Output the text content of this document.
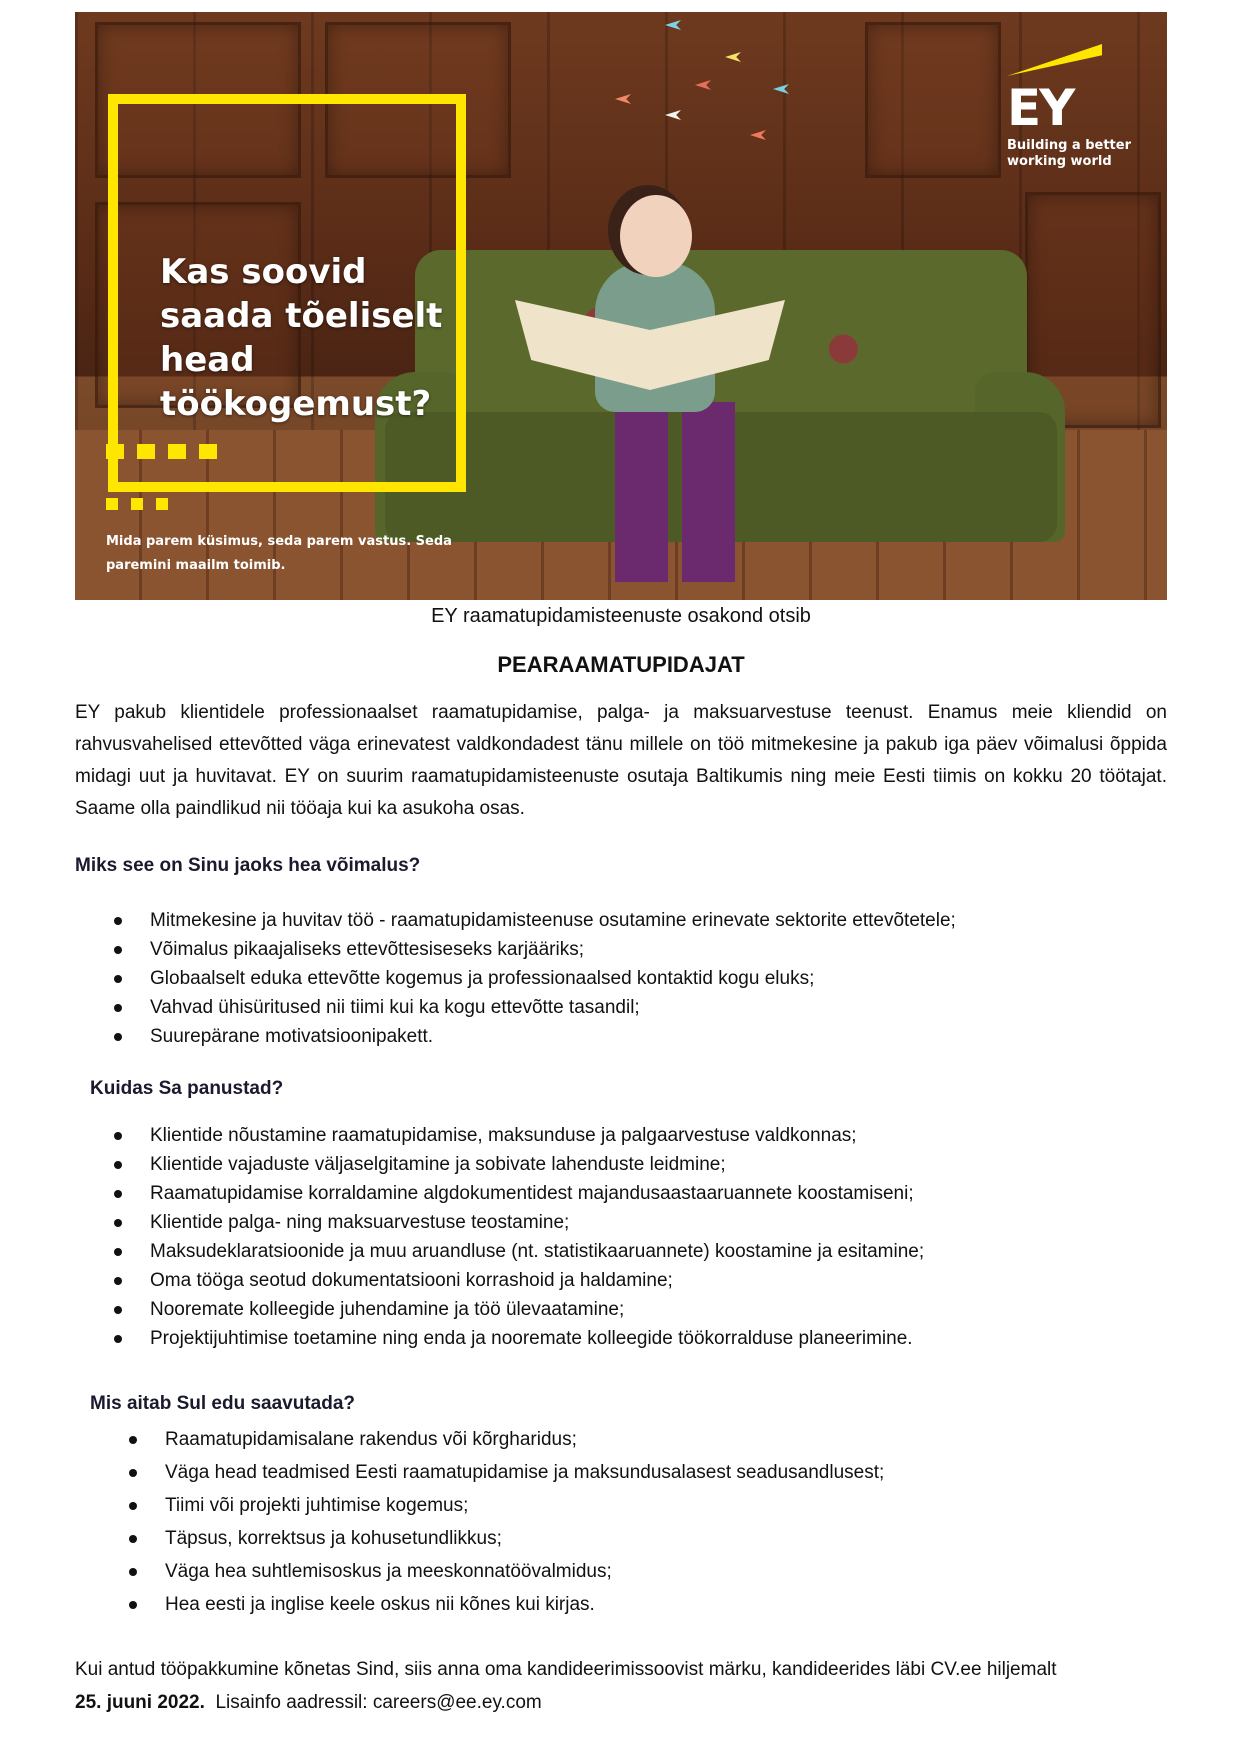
Kas soovid saada tõeliselt head töökogemust?
Mida parem küsimus, seda parem vastus. Seda paremini maailm toimib.
EY
Building a better working world
EY raamatupidamisteenuste osakond otsib
PEARAAMATUPIDAJAT
EY pakub klientidele professionaalset raamatupidamise, palga- ja maksuarvestuse teenust. Enamus meie kliendid on rahvusvahelised ettevõtted väga erinevatest valdkondadest tänu millele on töö mitmekesine ja pakub iga päev võimalusi õppida midagi uut ja huvitavat. EY on suurim raamatupidamisteenuste osutaja Baltikumis ning meie Eesti tiimis on kokku 20 töötajat. Saame olla paindlikud nii tööaja kui ka asukoha osas.
Miks see on Sinu jaoks hea võimalus?
Mitmekesine ja huvitav töö - raamatupidamisteenuse osutamine erinevate sektorite ettevõtetele;
Võimalus pikaajaliseks ettevõttesiseseks karjääriks;
Globaalselt eduka ettevõtte kogemus ja professionaalsed kontaktid kogu eluks;
Vahvad ühisüritused nii tiimi kui ka kogu ettevõtte tasandil;
Suurepärane motivatsioonipakett.
Kuidas Sa panustad?
Klientide nõustamine raamatupidamise, maksunduse ja palgaarvestuse valdkonnas;
Klientide vajaduste väljaselgitamine ja sobivate lahenduste leidmine;
Raamatupidamise korraldamine algdokumentidest majandusaastaaruannete koostamiseni;
Klientide palga- ning maksuarvestuse teostamine;
Maksudeklaratsioonide ja muu aruandluse (nt. statistikaaruannete) koostamine ja esitamine;
Oma tööga seotud dokumentatsiooni korrashoid ja haldamine;
Nooremate kolleegide juhendamine ja töö ülevaatamine;
Projektijuhtimise toetamine ning enda ja nooremate kolleegide töökorralduse planeerimine.
Mis aitab Sul edu saavutada?
Raamatupidamisalane rakendus või kõrgharidus;
Väga head teadmised Eesti raamatupidamise ja maksundusalasest seadusandlusest;
Tiimi või projekti juhtimise kogemus;
Täpsus, korrektsus ja kohusetundlikkus;
Väga hea suhtlemisoskus ja meeskonnatöövalmidus;
Hea eesti ja inglise keele oskus nii kõnes kui kirjas.
Kui antud tööpakkumine kõnetas Sind, siis anna oma kandideerimissoovist märku, kandideerides läbi CV.ee hiljemalt
25. juuni 2022. Lisainfo aadressil: careers@ee.ey.com
